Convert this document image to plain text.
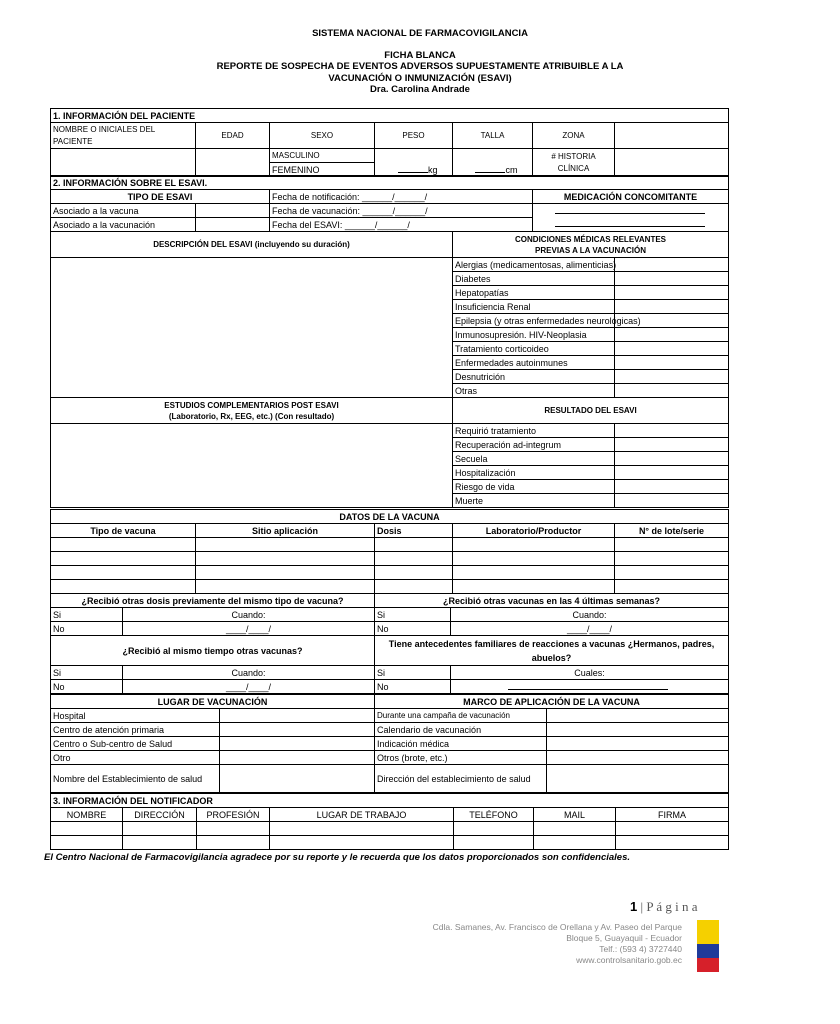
SISTEMA NACIONAL DE FARMACOVIGILANCIA
FICHA BLANCA
REPORTE DE SOSPECHA DE EVENTOS ADVERSOS SUPUESTAMENTE ATRIBUIBLE A LA
VACUNACIÓN O INMUNIZACIÓN (ESAVI)
Dra. Carolina Andrade
1. INFORMACIÓN DEL PACIENTE						
NOMBRE O INICIALES DEL PACIENTE	EDAD	SEXO	PESO	TALLA	ZONA	
		MASCULINO	kg	cm	# HISTORIA CLÍNICA	
		FEMENINO				
2. INFORMACIÓN SOBRE EL ESAVI.					
TIPO DE ESAVI		Fecha de notificación: ______/______/		MEDICACIÓN CONCOMITANTE	
Asociado a la vacuna		Fecha de vacunación: ______/______/			
Asociado a la vacunación		Fecha del ESAVI: ______/______/			
DESCRIPCIÓN DEL ESAVI (incluyendo su duración)			CONDICIONES MÉDICAS RELEVANTES
PREVIAS A LA VACUNACIÓN		
			Alergias (medicamentosas, alimenticias)		
			Diabetes		
			Hepatopatías		
			Insuficiencia Renal		
			Epilepsia (y otras enfermedades neurológicas)		
			Inmunosupresión. HIV-Neoplasia		
			Tratamiento corticoideo		
			Enfermedades autoinmunes		
			Desnutrición		
			Otras		
ESTUDIOS COMPLEMENTARIOS POST ESAVI
(Laboratorio, Rx, EEG, etc.) (Con resultado)			RESULTADO DEL ESAVI		
			Requirió tratamiento		
			Recuperación ad-integrum		
			Secuela		
			Hospitalización		
			Riesgo de vida		
			Muerte		
DATOS DE LA VACUNA				
Tipo de vacuna	Sitio aplicación	Dosis	Laboratorio/Productor	N° de lote/serie

¿Recibió otras dosis previamente del mismo tipo de vacuna?		¿Recibió otras vacunas en las 4 últimas semanas?	
Si	Cuando:	Si	Cuando:
No	____/____/	No	____/____/
¿Recibió al mismo tiempo otras vacunas?		Tiene antecedentes familiares de reacciones a vacunas ¿Hermanos, padres, abuelos?	
Si	Cuando:	Si	Cuales:
No	____/____/	No	
LUGAR DE VACUNACIÓN		MARCO DE APLICACIÓN DE LA VACUNA	
Hospital		Durante una campaña de vacunación	
Centro de atención primaria		Calendario de vacunación	
Centro o Sub-centro de Salud		Indicación médica	
Otro		Otros (brote, etc.)	
Nombre del Establecimiento de salud		Dirección del establecimiento de salud	
3. INFORMACIÓN DEL NOTIFICADOR						
NOMBRE	DIRECCIÓN	PROFESIÓN	LUGAR DE TRABAJO	TELÉFONO	MAIL	FIRMA

El Centro Nacional de Farmacovigilancia agradece por su reporte y le recuerda que los datos proporcionados son confidenciales.
1 | P á g i n a
Cdla. Samanes, Av. Francisco de Orellana y Av. Paseo del Parque
Bloque 5, Guayaquil - Ecuador
Telf.: (593 4) 3727440
www.controlsanitario.gob.ec
